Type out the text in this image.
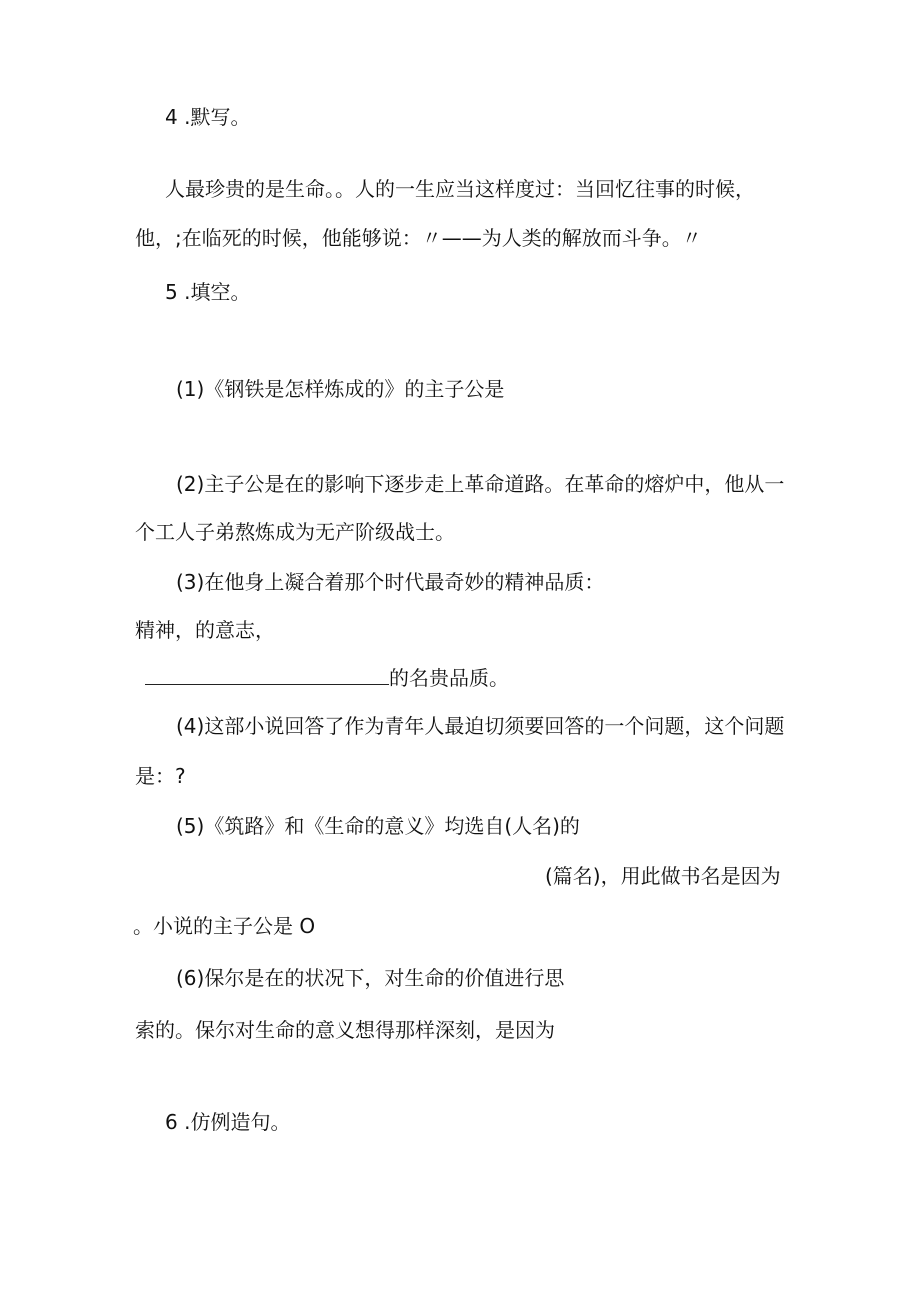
4 .默写。
人最珍贵的是生命。。人的一生应当这样度过：当回忆往事的时候，
他，;在临死的时候，他能够说：〃——为人类的解放而斗争。〃
5 .填空。
(1)《钢铁是怎样炼成的》的主子公是
(2)主子公是在的影响下逐步走上革命道路。在革命的熔炉中，他从一
个工人子弟熬炼成为无产阶级战士。
(3)在他身上凝合着那个时代最奇妙的精神品质：
精神，的意志，
的名贵品质。
(4)这部小说回答了作为青年人最迫切须要回答的一个问题，这个问题
是：?
(5)《筑路》和《生命的意义》均选自(人名)的
(篇名)，用此做书名是因为
。小说的主子公是 O
(6)保尔是在的状况下，对生命的价值进行思
索的。保尔对生命的意义想得那样深刻，是因为
6 .仿例造句。
